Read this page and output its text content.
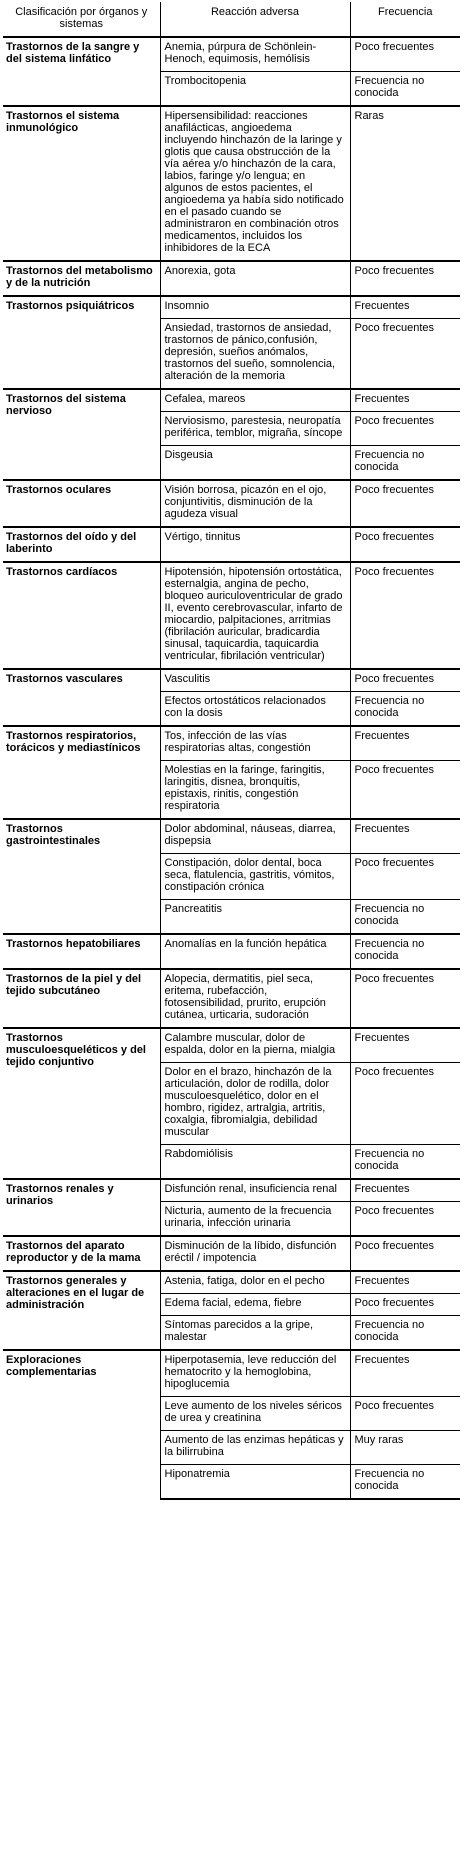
Clasificación por órganos y sistemas	Reacción adversa	Frecuencia
Trastornos de la sangre y del sistema linfático	Anemia, púrpura de Schönlein-Henoch, equimosis, hemólisis	Poco frecuentes
	Trombocitopenia	Frecuencia no conocida
Trastornos el sistema inmunológico	Hipersensibilidad: reacciones anafilácticas, angioedema incluyendo hinchazón de la laringe y glotis que causa obstrucción de la vía aérea y/o hinchazón de la cara, labios, faringe y/o lengua; en algunos de estos pacientes, el angioedema ya había sido notificado en el pasado cuando se administraron en combinación otros medicamentos, incluidos los inhibidores de la ECA	Raras
Trastornos del metabolismo y de la nutrición	Anorexia, gota	Poco frecuentes
Trastornos psiquiátricos	Insomnio	Frecuentes
	Ansiedad, trastornos de ansiedad, trastornos de pánico,confusión, depresión, sueños anómalos, trastornos del sueño, somnolencia, alteración de la memoria	Poco frecuentes
Trastornos del sistema nervioso	Cefalea, mareos	Frecuentes
	Nerviosismo, parestesia, neuropatía periférica, temblor, migraña, síncope	Poco frecuentes
	Disgeusia	Frecuencia no conocida
Trastornos oculares	Visión borrosa, picazón en el ojo, conjuntivitis, disminución de la agudeza visual	Poco frecuentes
Trastornos del oído y del laberinto	Vértigo, tinnitus	Poco frecuentes
Trastornos cardíacos	Hipotensión, hipotensión ortostática, esternalgia, angina de pecho, bloqueo auriculoventricular de grado II, evento cerebrovascular, infarto de miocardio, palpitaciones, arritmias (fibrilación auricular, bradicardia sinusal, taquicardia, taquicardia ventricular, fibrilación ventricular)	Poco frecuentes
Trastornos vasculares	Vasculitis	Poco frecuentes
	Efectos ortostáticos relacionados con la dosis	Frecuencia no conocida
Trastornos respiratorios, torácicos y mediastínicos	Tos, infección de las vías respiratorias altas, congestión	Frecuentes
	Molestias en la faringe, faringitis, laringitis, disnea, bronquitis, epistaxis, rinitis, congestión respiratoria	Poco frecuentes
Trastornos gastrointestinales	Dolor abdominal, náuseas, diarrea, dispepsia	Frecuentes
	Constipación, dolor dental, boca seca, flatulencia, gastritis, vómitos, constipación crónica	Poco frecuentes
	Pancreatitis	Frecuencia no conocida
Trastornos hepatobiliares	Anomalías en la función hepática	Frecuencia no conocida
Trastornos de la piel y del tejido subcutáneo	Alopecia, dermatitis, piel seca, eritema, rubefacción, fotosensibilidad, prurito, erupción cutánea, urticaria, sudoración	Poco frecuentes
Trastornos musculoesqueléticos y del tejido conjuntivo	Calambre muscular, dolor de espalda, dolor en la pierna, mialgia	Frecuentes
	Dolor en el brazo, hinchazón de la articulación, dolor de rodilla, dolor musculoesquelético, dolor en el hombro, rigidez, artralgia, artritis, coxalgia, fibromialgia, debilidad muscular	Poco frecuentes
	Rabdomiólisis	Frecuencia no conocida
Trastornos renales y urinarios	Disfunción renal, insuficiencia renal	Frecuentes
	Nicturia, aumento de la frecuencia urinaria, infección urinaria	Poco frecuentes
Trastornos del aparato reproductor y de la mama	Disminución de la líbido, disfunción eréctil / impotencia	Poco frecuentes
Trastornos generales y alteraciones en el lugar de administración	Astenia, fatiga, dolor en el pecho	Frecuentes
	Edema facial, edema, fiebre	Poco frecuentes
	Síntomas parecidos a la gripe, malestar	Frecuencia no conocida
Exploraciones complementarias	Hiperpotasemia, leve reducción del hematocrito y la hemoglobina, hipoglucemia	Frecuentes
	Leve aumento de los niveles séricos de urea y creatinina	Poco frecuentes
	Aumento de las enzimas hepáticas y la bilirrubina	Muy raras
	Hiponatremia	Frecuencia no conocida
